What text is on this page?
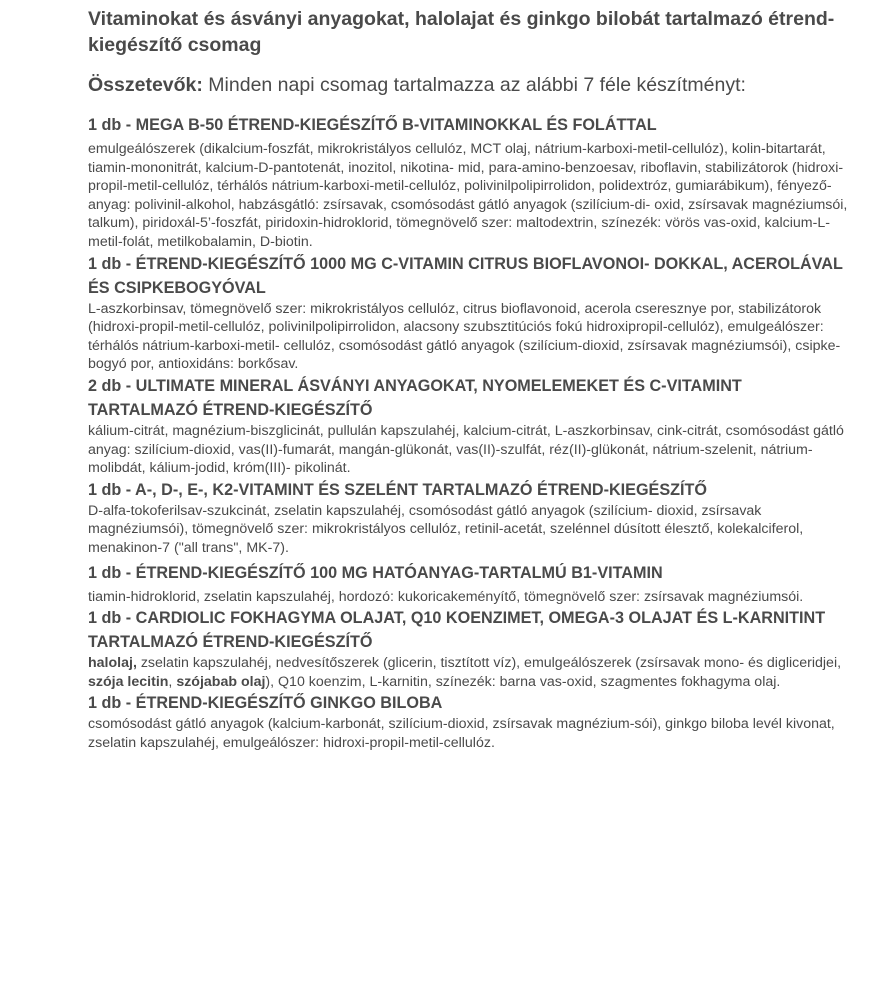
Vitaminokat és ásványi anyagokat, halolajat és ginkgo bilobát tartalmazó étrend-kiegészítő csomag

Összetevők: Minden napi csomag tartalmazza az alábbi 7 féle készítményt:

1 db - MEGA B-50 ÉTREND-KIEGÉSZÍTŐ B-VITAMINOKKAL ÉS FOLÁTTAL

emulgeálószerek (dikalcium-foszfát, mikrokristályos cellulóz, MCT olaj, nátrium-karboxi-metil-cellulóz), kolin-bitartarát, tiamin-mononitrát, kalcium-D-pantotenát, inozitol, nikotina- mid, para-amino-benzoesav, riboflavin, stabilizátorok (hidroxi-propil-metil-cellulóz, térhálós nátrium-karboxi-metil-cellulóz, polivinilpolipirrolidon, polidextróz, gumiarábikum), fényező- anyag: polivinil-alkohol, habzásgátló: zsírsavak, csomósodást gátló anyagok (szilícium-di- oxid, zsírsavak magnéziumsói, talkum), piridoxál-5’-foszfát, piridoxin-hidroklorid, tömegnövelő szer: maltodextrin, színezék: vörös vas-oxid, kalcium-L-metil-folát, metilkobalamin, D-biotin.

1 db - ÉTREND-KIEGÉSZÍTŐ 1000 MG C-VITAMIN CITRUS BIOFLAVONOI- DOKKAL, ACEROLÁVAL ÉS CSIPKEBOGYÓVAL

L-aszkorbinsav, tömegnövelő szer: mikrokristályos cellulóz, citrus bioflavonoid, acerola cseresznye por, stabilizátorok (hidroxi-propil-metil-cellulóz, polivinilpolipirrolidon, alacsony szubsztitúciós fokú hidroxipropil-cellulóz), emulgeálószer: térhálós nátrium-karboxi-metil- cellulóz, csomósodást gátló anyagok (szilícium-dioxid, zsírsavak magnéziumsói), csipke- bogyó por, antioxidáns: borkősav.

2 db - ULTIMATE MINERAL ÁSVÁNYI ANYAGOKAT, NYOMELEMEKET ÉS C-VITAMINT TARTALMAZÓ ÉTREND-KIEGÉSZÍTŐ

kálium-citrát, magnézium-biszglicinát, pullulán kapszulahéj, kalcium-citrát, L-aszkorbinsav, cink-citrát, csomósodást gátló anyag: szilícium-dioxid, vas(II)-fumarát, mangán-glükonát, vas(II)-szulfát, réz(II)-glükonát, nátrium-szelenit, nátrium-molibdát, kálium-jodid, króm(III)- pikolinát.

1 db - A-, D-, E-, K2-VITAMINT ÉS SZELÉNT TARTALMAZÓ ÉTREND-KIEGÉSZÍTŐ

D-alfa-tokoferilsav-szukcinát, zselatin kapszulahéj, csomósodást gátló anyagok (szilícium- dioxid, zsírsavak magnéziumsói), tömegnövelő szer: mikrokristályos cellulóz, retinil-acetát, szelénnel dúsított élesztő, kolekalciferol, menakinon-7 ("all trans", MK-7).

1 db - ÉTREND-KIEGÉSZÍTŐ 100 MG HATÓANYAG-TARTALMÚ B1-VITAMIN

tiamin-hidroklorid, zselatin kapszulahéj, hordozó: kukoricakeményítő, tömegnövelő szer: zsírsavak magnéziumsói.

1 db - CARDIOLIC FOKHAGYMA OLAJAT, Q10 KOENZIMET, OMEGA-3 OLAJAT ÉS L-KARNITINT TARTALMAZÓ ÉTREND-KIEGÉSZÍTŐ

halolaj, zselatin kapszulahéj, nedvesítőszerek (glicerin, tisztított víz), emulgeálószerek (zsírsavak mono- és digliceridjei, szója lecitin, szójabab olaj), Q10 koenzim, L-karnitin, színezék: barna vas-oxid, szagmentes fokhagyma olaj.

1 db - ÉTREND-KIEGÉSZÍTŐ GINKGO BILOBA

csomósodást gátló anyagok (kalcium-karbonát, szilícium-dioxid, zsírsavak magnézium-sói), ginkgo biloba levél kivonat, zselatin kapszulahéj, emulgeálószer: hidroxi-propil-metil-cellulóz.
